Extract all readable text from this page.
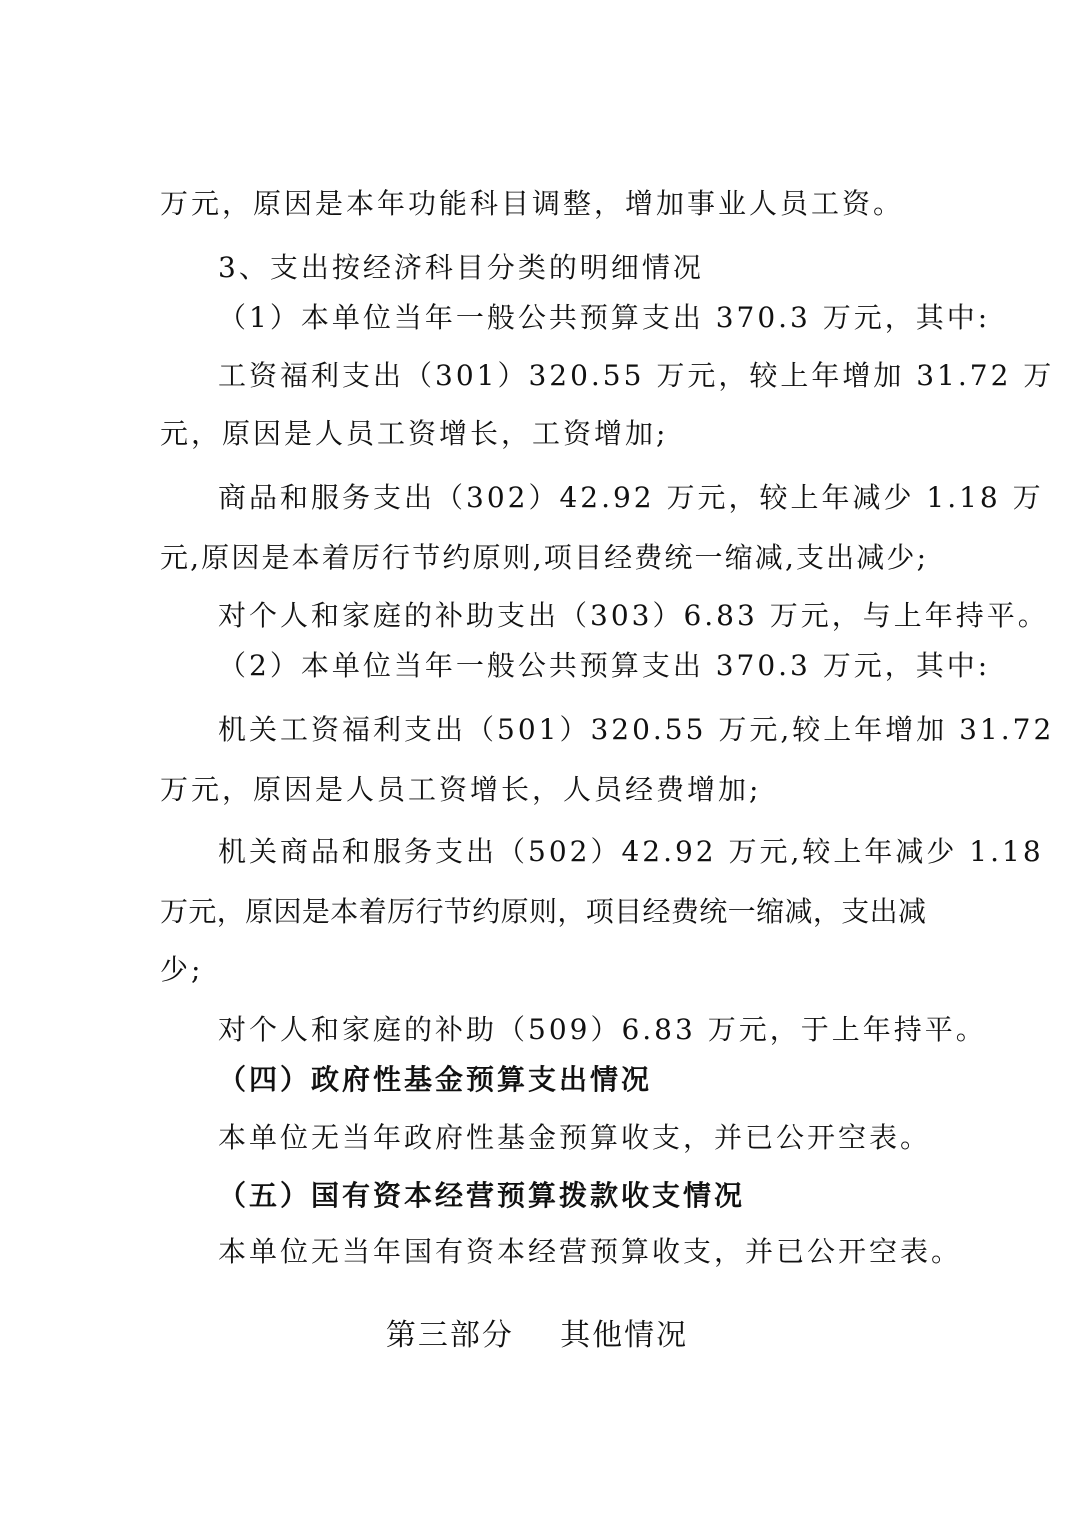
万元，原因是本年功能科目调整，增加事业人员工资。
3、支出按经济科目分类的明细情况
（1）本单位当年一般公共预算支出 370.3 万元，其中:
工资福利支出（301）320.55 万元，较上年增加 31.72 万
元，原因是人员工资增长，工资增加;
商品和服务支出（302）42.92 万元，较上年减少 1.18 万
元,原因是本着厉行节约原则,项目经费统一缩减,支出减少;
对个人和家庭的补助支出（303）6.83 万元，与上年持平。
（2）本单位当年一般公共预算支出 370.3 万元，其中:
机关工资福利支出（501）320.55 万元,较上年增加 31.72
万元，原因是人员工资增长，人员经费增加;
机关商品和服务支出（502）42.92 万元,较上年减少 1.18
万元，原因是本着厉行节约原则，项目经费统一缩减，支出减
少;
对个人和家庭的补助（509）6.83 万元，于上年持平。
（四）政府性基金预算支出情况
本单位无当年政府性基金预算收支，并已公开空表。
（五）国有资本经营预算拨款收支情况
本单位无当年国有资本经营预算收支，并已公开空表。
第三部分    其他情况
